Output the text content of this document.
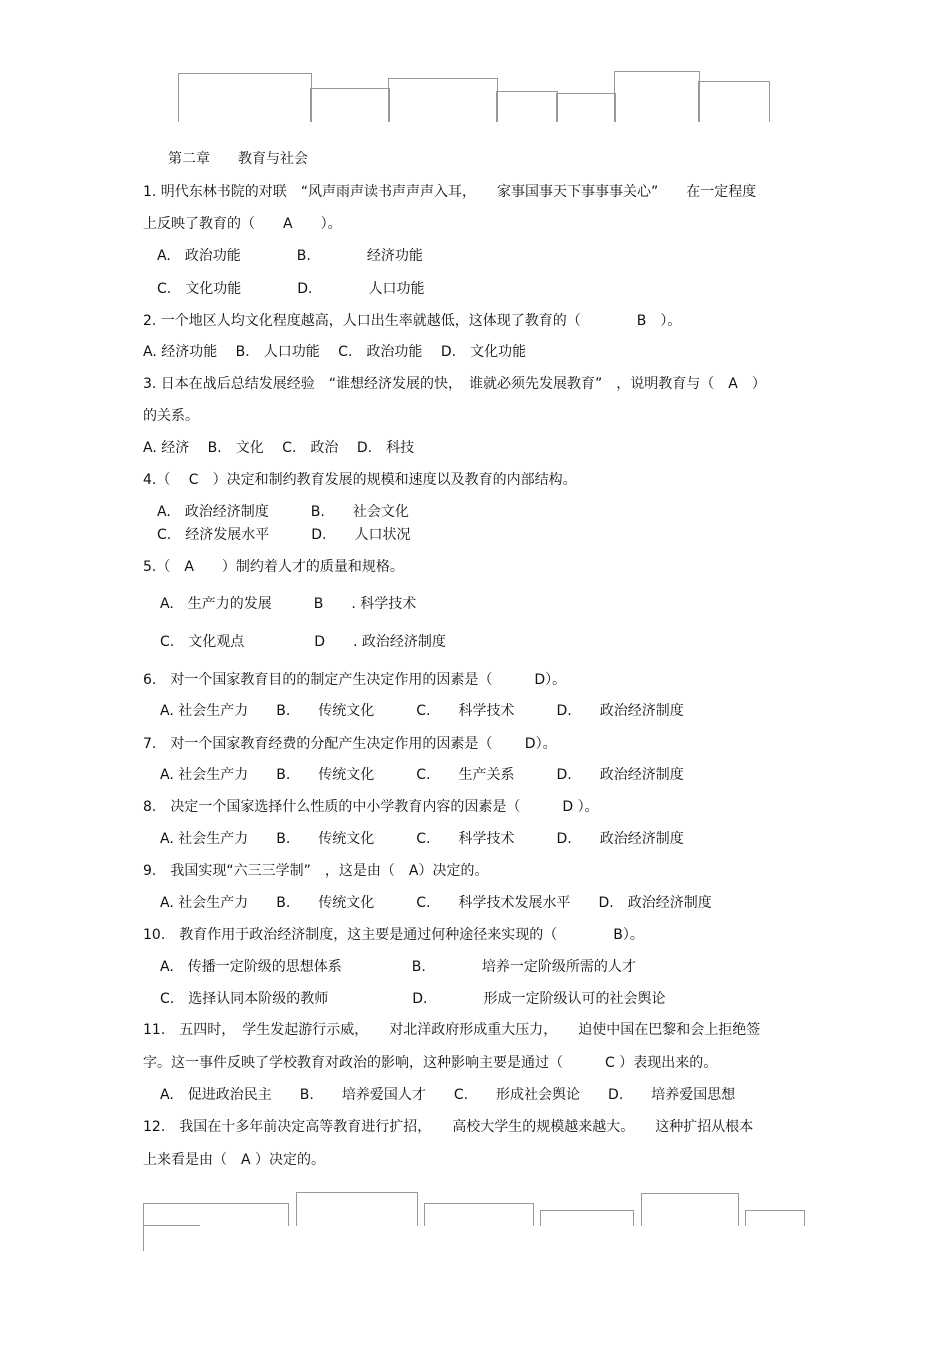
第二章　　教育与社会
1. 明代东林书院的对联　“风声雨声读书声声声入耳，　　家事国事天下事事事关心”　　在一定程度
上反映了教育的（　　A　　）。
A.　政治功能　　　　B.　　　　经济功能
C.　文化功能　　　　D.　　　　人口功能
2. 一个地区人均文化程度越高，人口出生率就越低，这体现了教育的（　　　　B　）。
A. 经济功能　 B.　人口功能　 C.　政治功能　 D.　文化功能
3. 日本在战后总结发展经验　“谁想经济发展的快，　谁就必须先发展教育”　，说明教育与（　A　）
的关系。
A. 经济　 B.　文化　 C.　政治　 D.　科技
4.（　 C　）决定和制约教育发展的规模和速度以及教育的内部结构。
A.　政治经济制度　　　B.　　社会文化
C.　经济发展水平　　　D.　　人口状况
5.（　A　　）制约着人才的质量和规格。
A.　生产力的发展　　　B　　. 科学技术
C.　文化观点　　　　　D　　. 政治经济制度
6.　对一个国家教育目的的制定产生决定作用的因素是（　　　D）。
A. 社会生产力　　B.　　传统文化　　　C.　　科学技术　　　D.　　政治经济制度
7.　对一个国家教育经费的分配产生决定作用的因素是（　　 D）。
A. 社会生产力　　B.　　传统文化　　　C.　　生产关系　　　D.　　政治经济制度
8.　决定一个国家选择什么性质的中小学教育内容的因素是（　　　D ）。
A. 社会生产力　　B.　　传统文化　　　C.　　科学技术　　　D.　　政治经济制度
9.　我国实现“六三三学制”　，这是由（　A）决定的。
A. 社会生产力　　B.　　传统文化　　　C.　　科学技术发展水平　　D.　政治经济制度
10.　教育作用于政治经济制度，这主要是通过何种途径来实现的（　　　　B）。
A.　传播一定阶级的思想体系　　　　　B.　　　　培养一定阶级所需的人才
C.　选择认同本阶级的教师　　　　　　D.　　　　形成一定阶级认可的社会舆论
11.　五四时，　学生发起游行示威，　　对北洋政府形成重大压力，　　迫使中国在巴黎和会上拒绝签
字。这一事件反映了学校教育对政治的影响，这种影响主要是通过（　　　C ）表现出来的。
A.　促进政治民主　　B.　　培养爱国人才　　C.　　形成社会舆论　　D.　　培养爱国思想
12.　我国在十多年前决定高等教育进行扩招，　　高校大学生的规模越来越大。　　这种扩招从根本
上来看是由（　A ）决定的。
